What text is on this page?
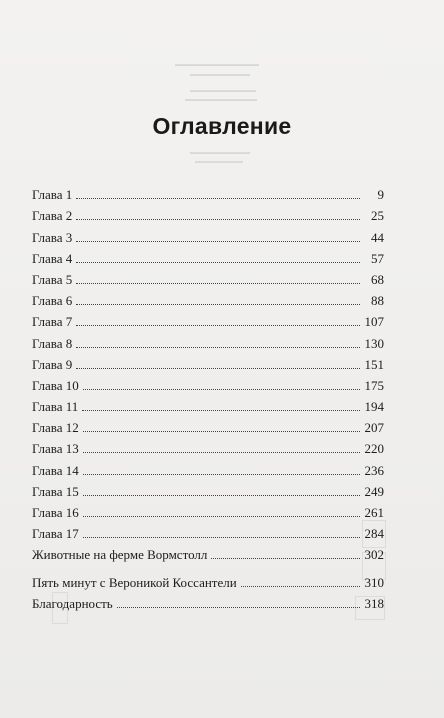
▬▬▬▬▬▬▬▬▬▬▬▬▬▬
▬▬▬▬▬▬▬▬▬▬
▬▬▬▬▬▬▬▬▬▬▬
▬▬▬▬▬▬▬▬▬▬▬▬
▬▬▬▬▬▬▬▬▬▬
▬▬▬▬▬▬▬▬
Оглавление
Глава 1	9
Глава 2	25
Глава 3	44
Глава 4	57
Глава 5	68
Глава 6	88
Глава 7	107
Глава 8	130
Глава 9	151
Глава 10	175
Глава 11	194
Глава 12	207
Глава 13	220
Глава 14	236
Глава 15	249
Глава 16	261
Глава 17	284
Животные на ферме Вормстолл	302
Пять минут с Вероникой Коссантели	310
Благодарность	318
